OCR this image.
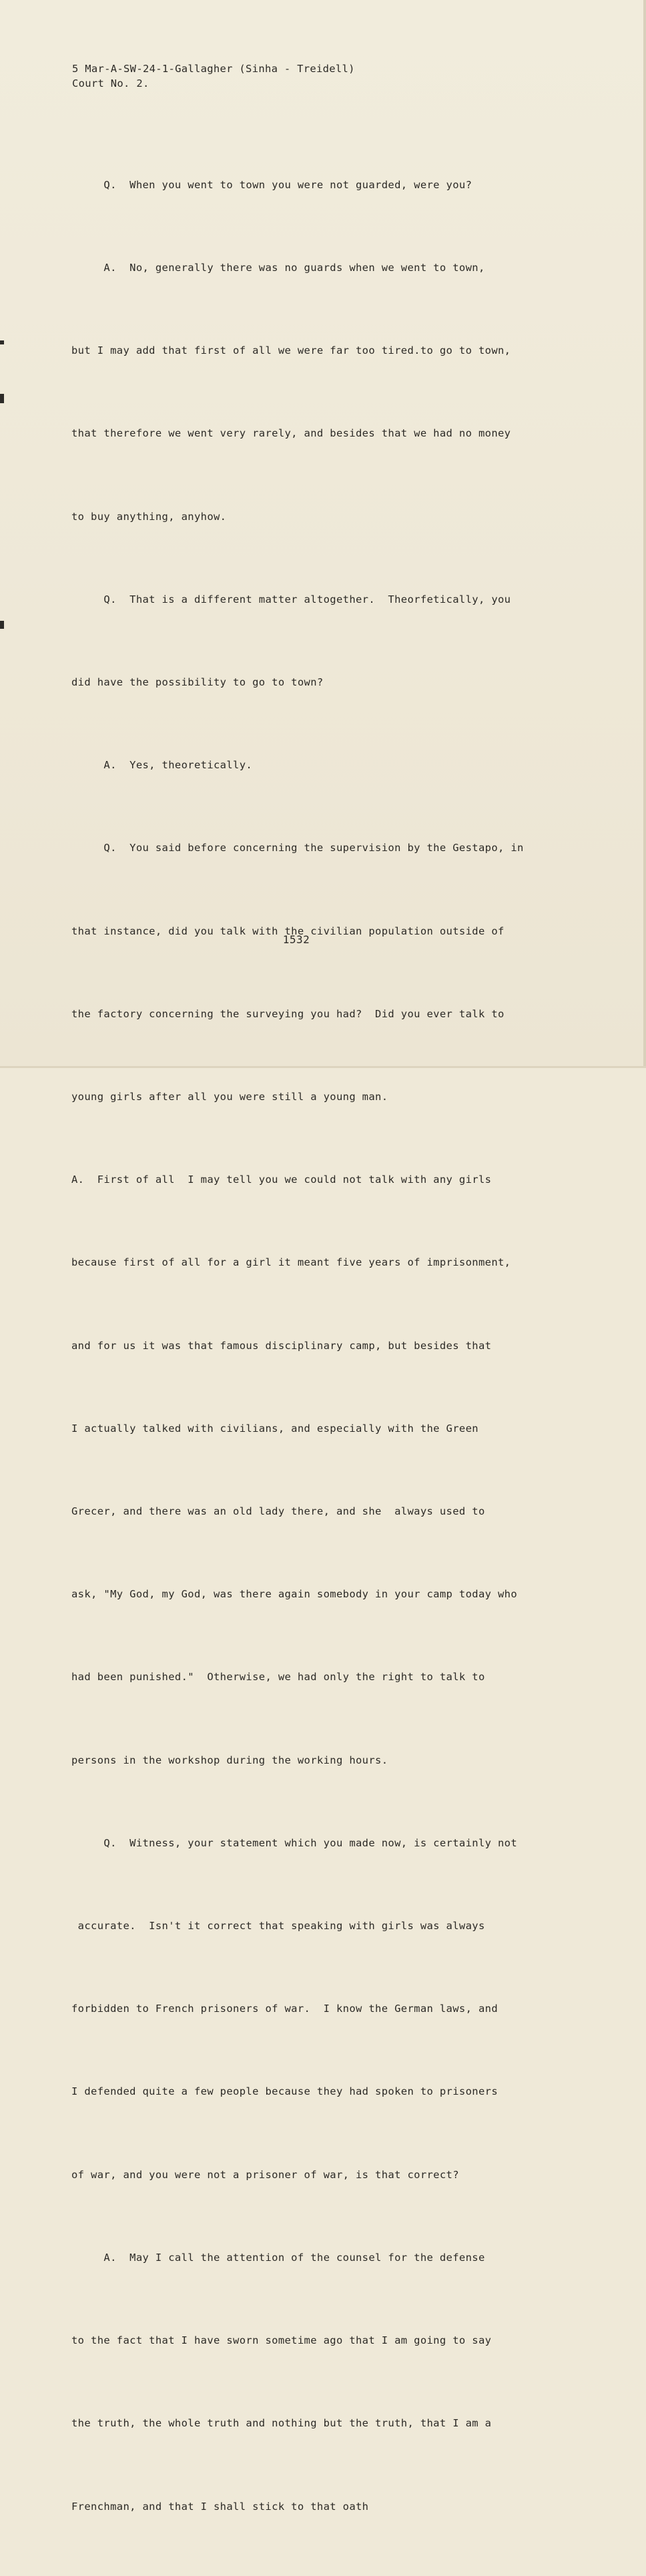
5 Mar-A-SW-24-1-Gallagher (Sinha - Treidell)
Court No. 2.

Q.  When you went to town you were not guarded, were you?

A.  No, generally there was no guards when we went to town,

but I may add that first of all we were far too tired.to go to town,

that therefore we went very rarely, and besides that we had no money

to buy anything, anyhow.

Q.  That is a different matter altogether.  Theorfetically, you

did have the possibility to go to town?

A.  Yes, theoretically.

Q.  You said before concerning the supervision by the Gestapo, in

that instance, did you talk with the civilian population outside of

the factory concerning the surveying you had?  Did you ever talk to

young girls after all you were still a young man.

A.  First of all  I may tell you we could not talk with any girls

because first of all for a girl it meant five years of imprisonment,

and for us it was that famous disciplinary camp, but besides that

I actually talked with civilians, and especially with the Green

Grecer, and there was an old lady there, and she  always used to

ask, "My God, my God, was there again somebody in your camp today who

had been punished."  Otherwise, we had only the right to talk to

persons in the workshop during the working hours.

Q.  Witness, your statement which you made now, is certainly not

accurate.  Isn't it correct that speaking with girls was always

forbidden to French prisoners of war.  I know the German laws, and

I defended quite a few people because they had spoken to prisoners

of war, and you were not a prisoner of war, is that correct?

A.  May I call the attention of the counsel for the defense

to the fact that I have sworn sometime ago that I am going to say

the truth, the whole truth and nothing but the truth, that I am a

Frenchman, and that I shall stick to that oath

1532
